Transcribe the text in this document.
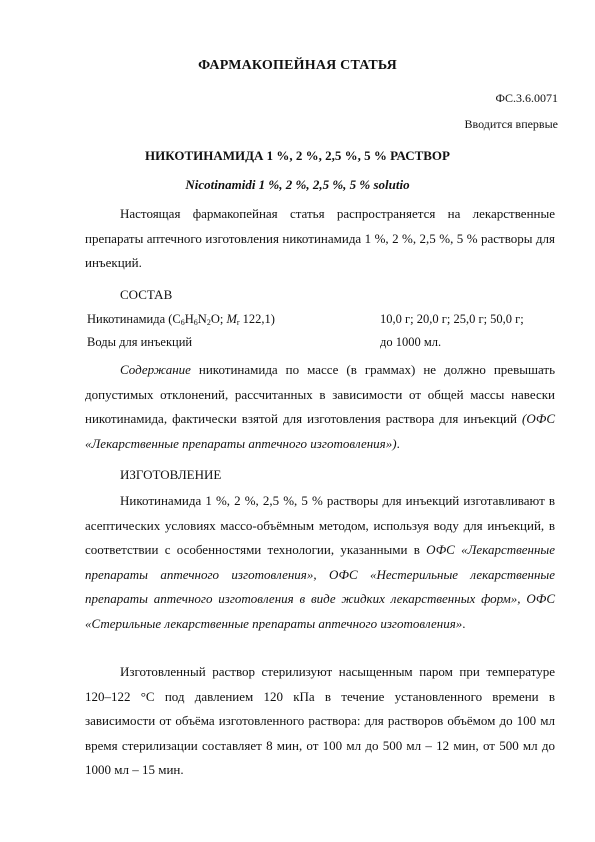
ФАРМАКОПЕЙНАЯ СТАТЬЯ
ФС.3.6.0071
Вводится впервые
НИКОТИНАМИДА 1 %, 2 %, 2,5 %, 5 % РАСТВОР
Nicotinamidi 1 %, 2 %, 2,5 %, 5 % solutio
Настоящая фармакопейная статья распространяется на лекарственные препараты аптечного изготовления никотинамида 1 %, 2 %, 2,5 %, 5 % растворы для инъекций.
СОСТАВ
Никотинамида ($C_6H_6N_2O$; $M_r$ 122,1)	10,0 г; 20,0 г; 25,0 г; 50,0 г;
Воды для инъекций	до 1000 мл.
Содержание никотинамида по массе (в граммах) не должно превышать допустимых отклонений, рассчитанных в зависимости от общей массы навески никотинамида, фактически взятой для изготовления раствора для инъекций (ОФС «Лекарственные препараты аптечного изготовления»).
ИЗГОТОВЛЕНИЕ
Никотинамида 1 %, 2 %, 2,5 %, 5 % растворы для инъекций изготавливают в асептических условиях массо-объёмным методом, используя воду для инъекций, в соответствии с особенностями технологии, указанными в ОФС «Лекарственные препараты аптечного изготовления», ОФС «Нестерильные лекарственные препараты аптечного изготовления в виде жидких лекарственных форм», ОФС «Стерильные лекарственные препараты аптечного изготовления».
Изготовленный раствор стерилизуют насыщенным паром при температуре 120–122 °С под давлением 120 кПа в течение установленного времени в зависимости от объёма изготовленного раствора: для растворов объёмом до 100 мл время стерилизации составляет 8 мин, от 100 мл до 500 мл – 12 мин, от 500 мл до 1000 мл – 15 мин.
